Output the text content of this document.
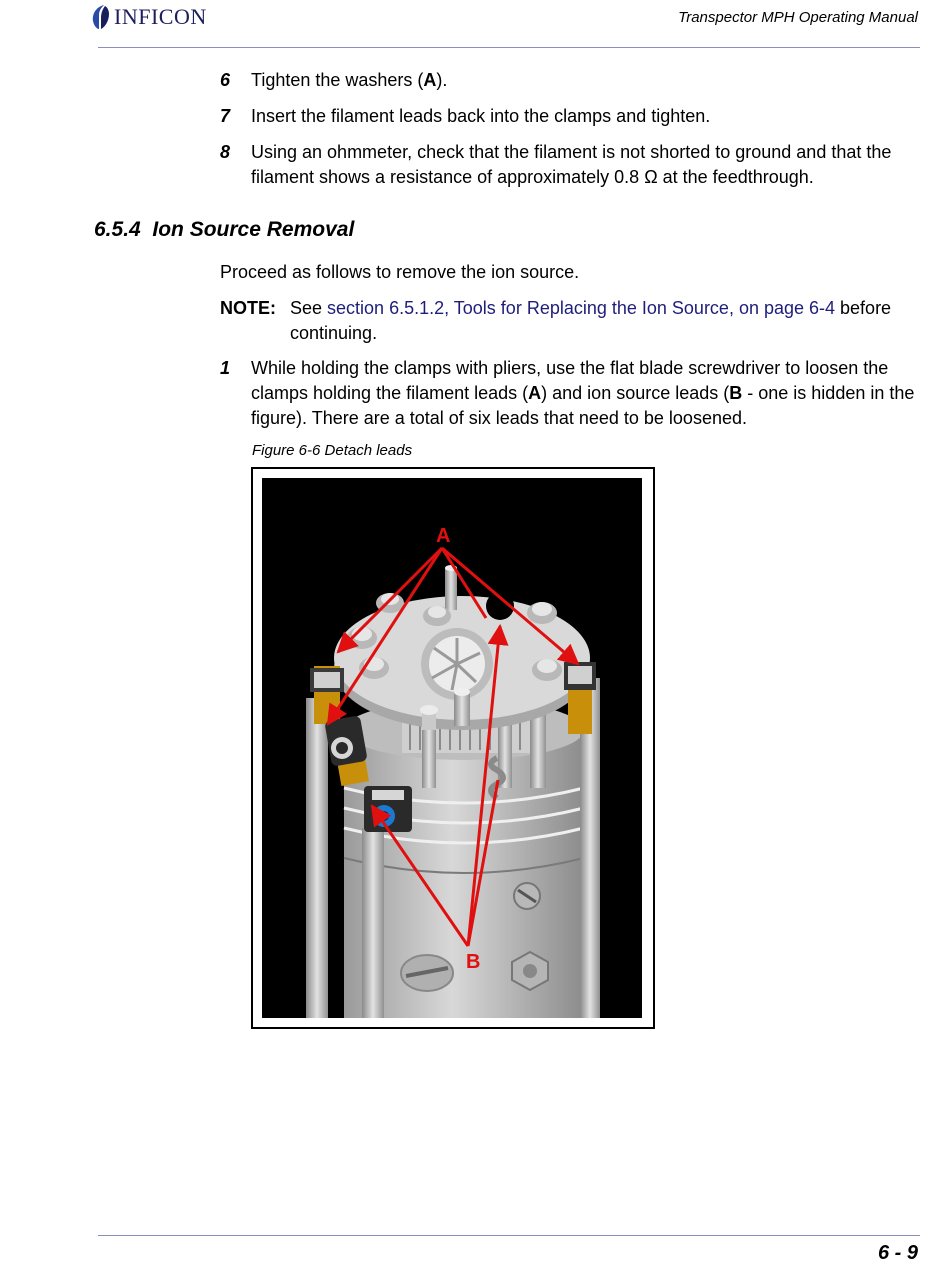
INFICON	Transpector MPH Operating Manual
6 Tighten the washers (A).
7 Insert the filament leads back into the clamps and tighten.
8 Using an ohmmeter, check that the filament is not shorted to ground and that the filament shows a resistance of approximately 0.8 Ω at the feedthrough.
6.5.4 Ion Source Removal
Proceed as follows to remove the ion source.
NOTE: See section 6.5.1.2, Tools for Replacing the Ion Source, on page 6-4 before continuing.
1 While holding the clamps with pliers, use the flat blade screwdriver to loosen the clamps holding the filament leads (A) and ion source leads (B - one is hidden in the figure). There are a total of six leads that need to be loosened.
Figure 6-6 Detach leads
A
B
6 - 9
